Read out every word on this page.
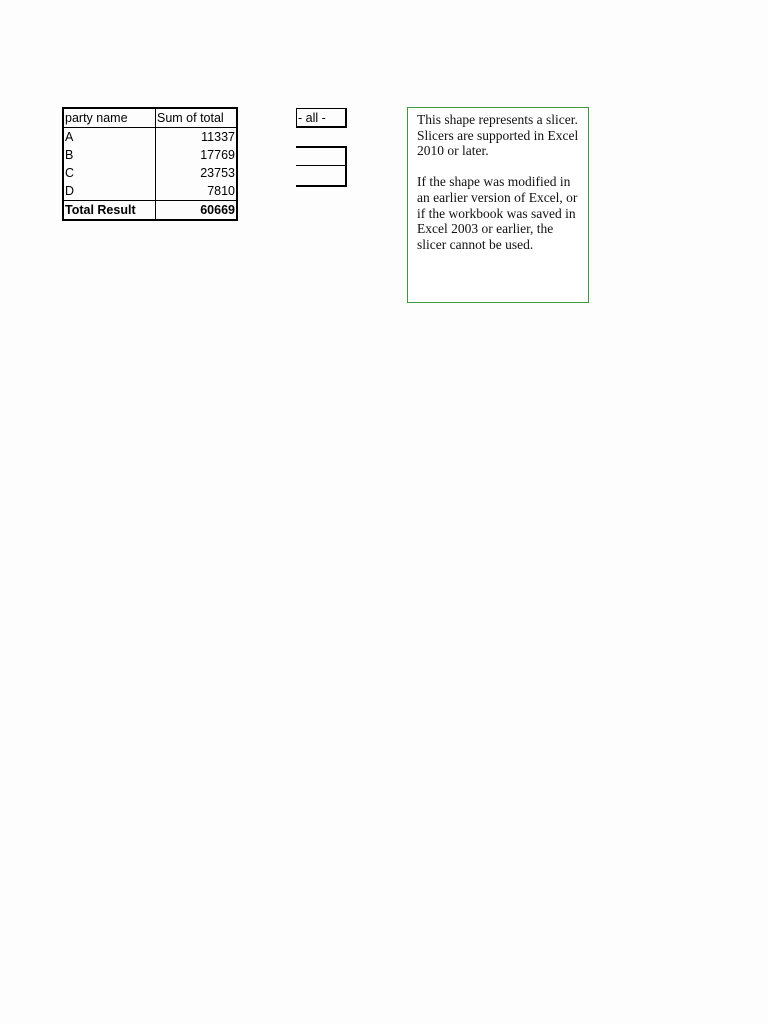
party name	Sum of total
A	11337
B	17769
C	23753
D	7810
Total Result	60669
- all -	This shape represents a slicer. Slicers are supported in Excel 2010 or later.

If the shape was modified in an earlier version of Excel, or if the workbook was saved in Excel 2003 or earlier, the slicer cannot be used.
